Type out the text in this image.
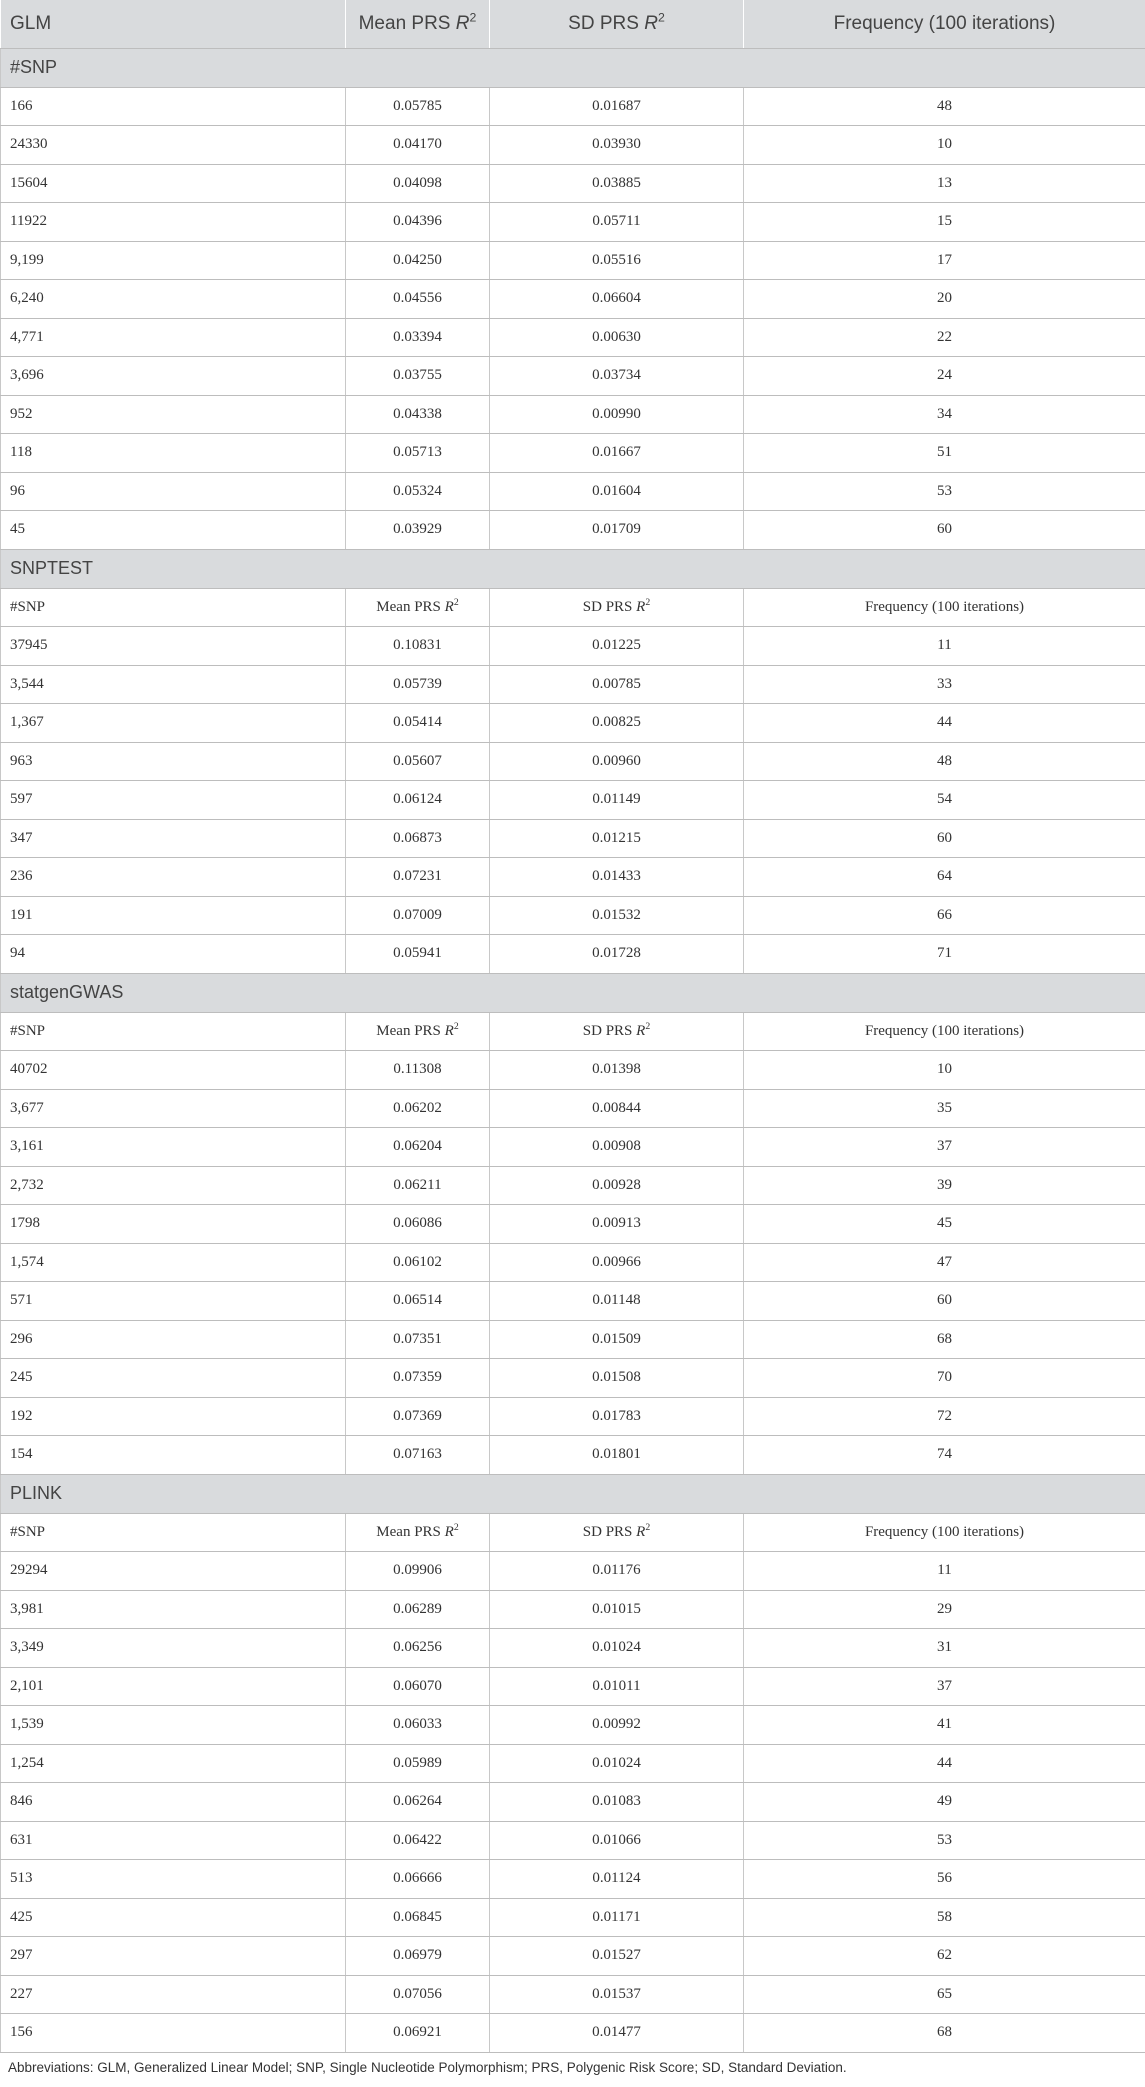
GLM	Mean PRS $R^2$	SD PRS $R^2$	Frequency (100 iterations)
#SNP			
166	0.05785	0.01687	48
24330	0.04170	0.03930	10
15604	0.04098	0.03885	13
11922	0.04396	0.05711	15
9,199	0.04250	0.05516	17
6,240	0.04556	0.06604	20
4,771	0.03394	0.00630	22
3,696	0.03755	0.03734	24
952	0.04338	0.00990	34
118	0.05713	0.01667	51
96	0.05324	0.01604	53
45	0.03929	0.01709	60
SNPTEST			
#SNP	Mean PRS $R^2$	SD PRS $R^2$	Frequency (100 iterations)
37945	0.10831	0.01225	11
3,544	0.05739	0.00785	33
1,367	0.05414	0.00825	44
963	0.05607	0.00960	48
597	0.06124	0.01149	54
347	0.06873	0.01215	60
236	0.07231	0.01433	64
191	0.07009	0.01532	66
94	0.05941	0.01728	71
statgenGWAS			
#SNP	Mean PRS $R^2$	SD PRS $R^2$	Frequency (100 iterations)
40702	0.11308	0.01398	10
3,677	0.06202	0.00844	35
3,161	0.06204	0.00908	37
2,732	0.06211	0.00928	39
1798	0.06086	0.00913	45
1,574	0.06102	0.00966	47
571	0.06514	0.01148	60
296	0.07351	0.01509	68
245	0.07359	0.01508	70
192	0.07369	0.01783	72
154	0.07163	0.01801	74
PLINK			
#SNP	Mean PRS $R^2$	SD PRS $R^2$	Frequency (100 iterations)
29294	0.09906	0.01176	11
3,981	0.06289	0.01015	29
3,349	0.06256	0.01024	31
2,101	0.06070	0.01011	37
1,539	0.06033	0.00992	41
1,254	0.05989	0.01024	44
846	0.06264	0.01083	49
631	0.06422	0.01066	53
513	0.06666	0.01124	56
425	0.06845	0.01171	58
297	0.06979	0.01527	62
227	0.07056	0.01537	65
156	0.06921	0.01477	68
Abbreviations: GLM, Generalized Linear Model; SNP, Single Nucleotide Polymorphism; PRS, Polygenic Risk Score; SD, Standard Deviation.
